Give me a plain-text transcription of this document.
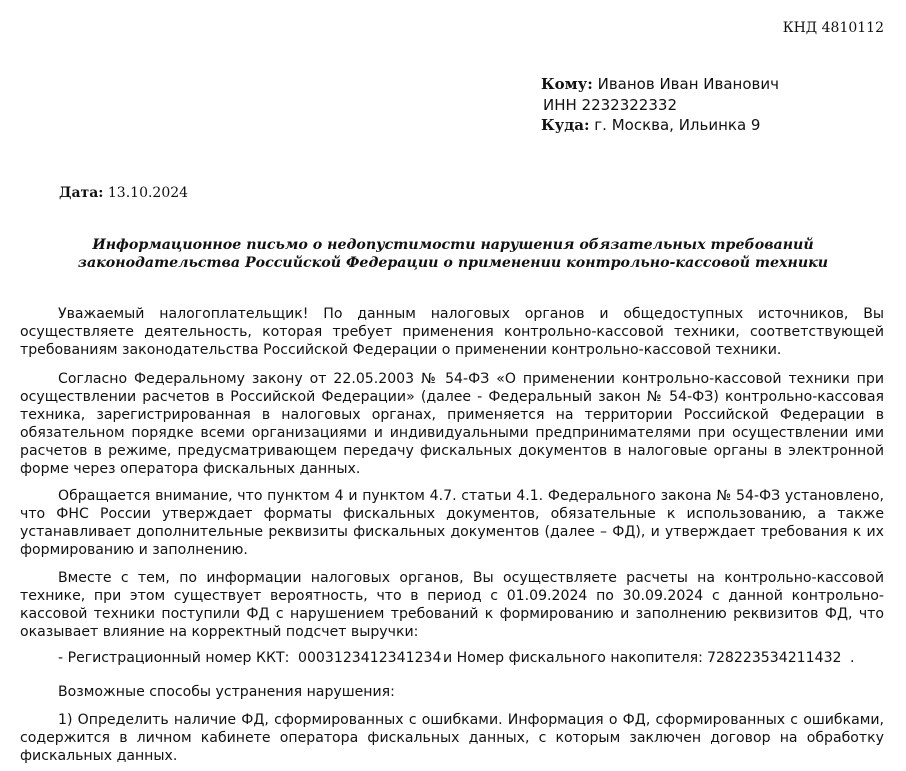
КНД 4810112
Кому: Иванов Иван Иванович
ИНН 2232322332
Куда: г. Москва, Ильинка 9
Дата: 13.10.2024
Информационное письмо о недопустимости нарушения обязательных требований законодательства Российской Федерации о применении контрольно-кассовой техники

Уважаемый налогоплательщик! По данным налоговых органов и общедоступных источников, Вы осуществляете деятельность, которая требует применения контрольно-кассовой техники, соответствующей требованиям законодательства Российской Федерации о применении контрольно-кассовой техники.

Согласно Федеральному закону от 22.05.2003 № 54-ФЗ «О применении контрольно-кассовой техники при осуществлении расчетов в Российской Федерации» (далее - Федеральный закон № 54-ФЗ) контрольно-кассовая техника, зарегистрированная в налоговых органах, применяется на территории Российской Федерации в обязательном порядке всеми организациями и индивидуальными предпринимателями при осуществлении ими расчетов в режиме, предусматривающем передачу фискальных документов в налоговые органы в электронной форме через оператора фискальных данных.

Обращается внимание, что пунктом 4 и пунктом 4.7. статьи 4.1. Федерального закона № 54-ФЗ установлено, что ФНС России утверждает форматы фискальных документов, обязательные к использованию, а также устанавливает дополнительные реквизиты фискальных документов (далее – ФД), и утверждает требования к их формированию и заполнению.

Вместе с тем, по информации налоговых органов, Вы осуществляете расчеты на контрольно-кассовой технике, при этом существует вероятность, что в период с 01.09.2024 по 30.09.2024 с данной контрольно-кассовой техники поступили ФД с нарушением требований к формированию и заполнению реквизитов ФД, что оказывает влияние на корректный подсчет выручки:

- Регистрационный номер ККТ: 0003123412341234 и Номер фискального накопителя: 728223534211432 .
Возможные способы устранения нарушения:

1) Определить наличие ФД, сформированных с ошибками. Информация о ФД, сформированных с ошибками, содержится в личном кабинете оператора фискальных данных, с которым заключен договор на обработку фискальных данных.
